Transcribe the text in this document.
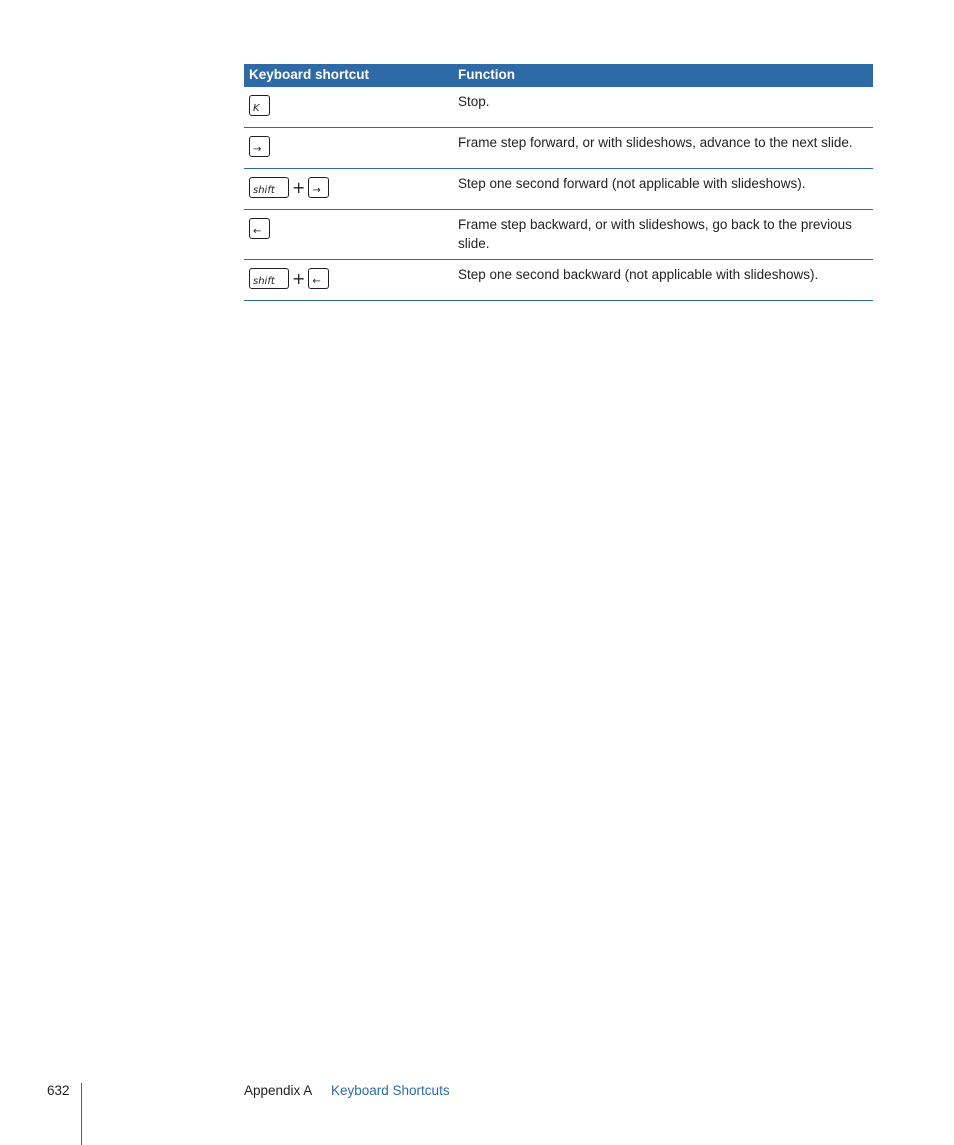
Keyboard shortcut	Function
K	Stop.
→	Frame step forward, or with slideshows, advance to the next slide.
shift + →	Step one second forward (not applicable with slideshows).
←	Frame step backward, or with slideshows, go back to the previous slide.
shift + ←	Step one second backward (not applicable with slideshows).
632	Appendix A Keyboard Shortcuts
